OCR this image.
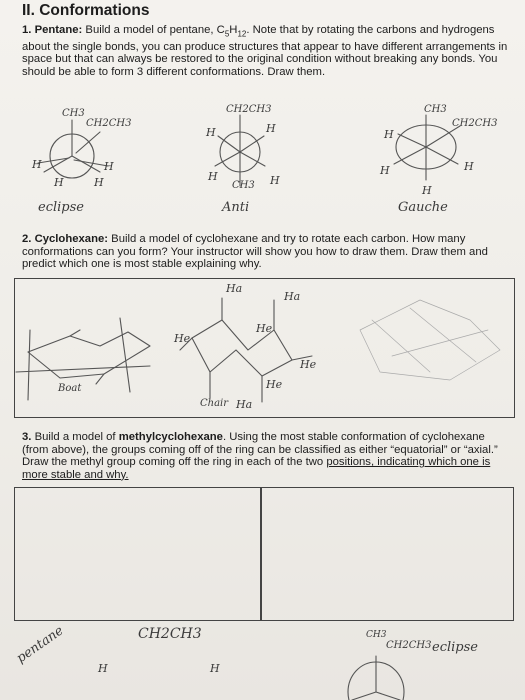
II. Conformations

1. Pentane: Build a model of pentane, $C_5H_{12}$. Note that by rotating the carbons and hydrogens about the single bonds, you can produce structures that appear to have different arrangements in space but that can always be restored to the original condition without breaking any bonds. You should be able to form 3 different conformations. Draw them.

CH3
CH2CH3
H	H
H	H
eclipse
CH2CH3
H	H
H
CH3 H
Anti
CH3
CH2CH3
H
H	H
H
Gauche

2. Cyclohexane: Build a model of cyclohexane and try to rotate each carbon. How many conformations can you form? Your instructor will show you how to draw them. Draw them and predict which one is most stable explaining why.

Boat
Chair
Ha
Ha
He
He
He
He
Ha

3. Build a model of methylcyclohexane. Using the most stable conformation of cyclohexane (from above), the groups coming off of the ring can be classified as either “equatorial” or “axial.” Draw the methyl group coming off the ring in each of the two positions, indicating which one is more stable and why.

pentane	CH2CH3
H	H
CH3
CH2CH3 eclipse
